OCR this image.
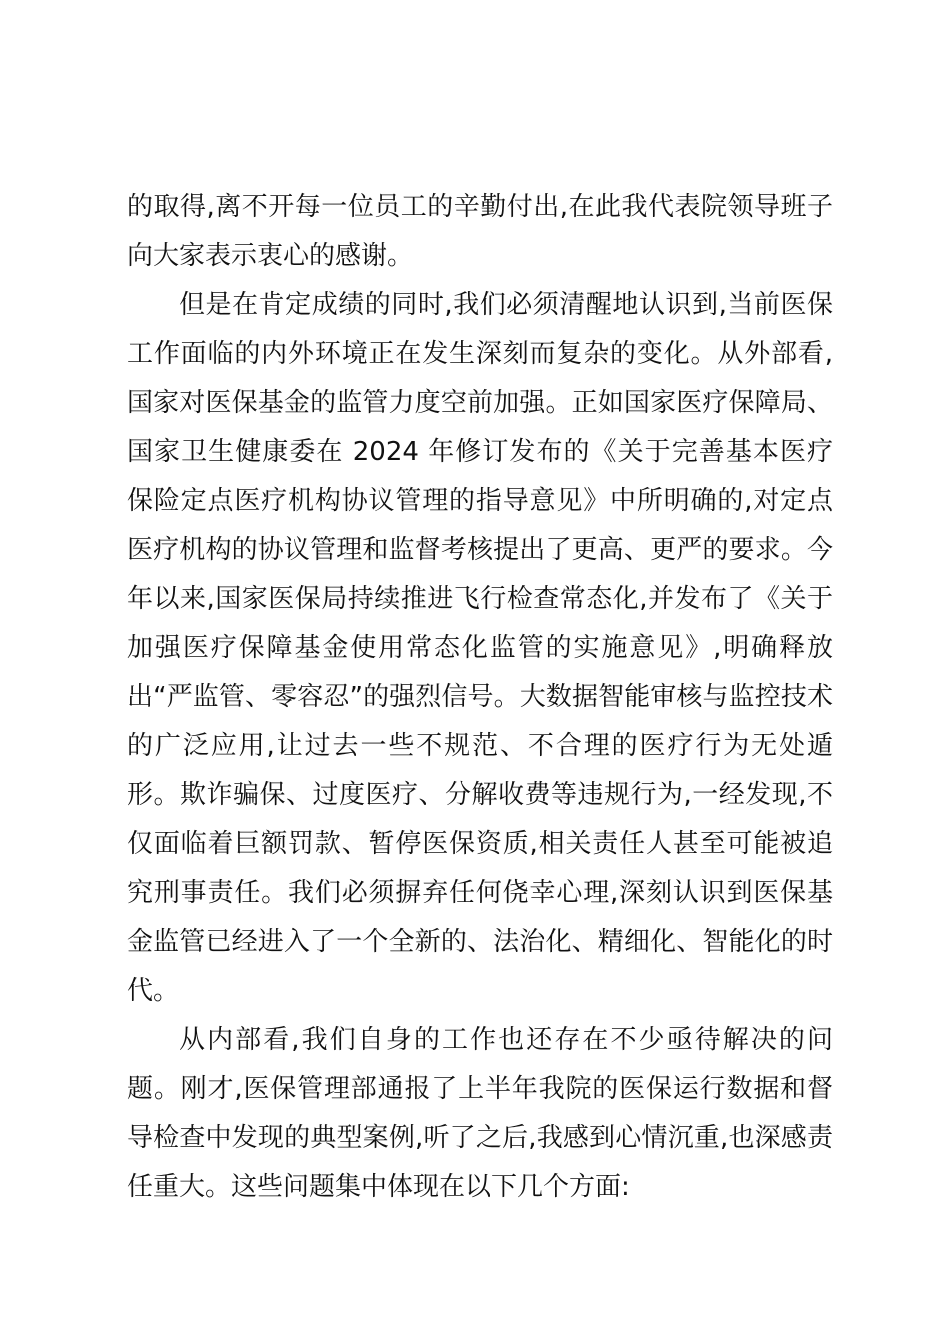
的取得,离不开每一位员工的辛勤付出,在此我代表院领导班子向大家表示衷心的感谢。

但是在肯定成绩的同时,我们必须清醒地认识到,当前医保工作面临的内外环境正在发生深刻而复杂的变化。从外部看,国家对医保基金的监管力度空前加强。正如国家医疗保障局、国家卫生健康委在 2024 年修订发布的《关于完善基本医疗保险定点医疗机构协议管理的指导意见》中所明确的,对定点医疗机构的协议管理和监督考核提出了更高、更严的要求。今年以来,国家医保局持续推进飞行检查常态化,并发布了《关于加强医疗保障基金使用常态化监管的实施意见》,明确释放出“严监管、零容忍”的强烈信号。大数据智能审核与监控技术的广泛应用,让过去一些不规范、不合理的医疗行为无处遁形。欺诈骗保、过度医疗、分解收费等违规行为,一经发现,不仅面临着巨额罚款、暂停医保资质,相关责任人甚至可能被追究刑事责任。我们必须摒弃任何侥幸心理,深刻认识到医保基金监管已经进入了一个全新的、法治化、精细化、智能化的时代。

从内部看,我们自身的工作也还存在不少亟待解决的问题。刚才,医保管理部通报了上半年我院的医保运行数据和督导检查中发现的典型案例,听了之后,我感到心情沉重,也深感责任重大。这些问题集中体现在以下几个方面:
